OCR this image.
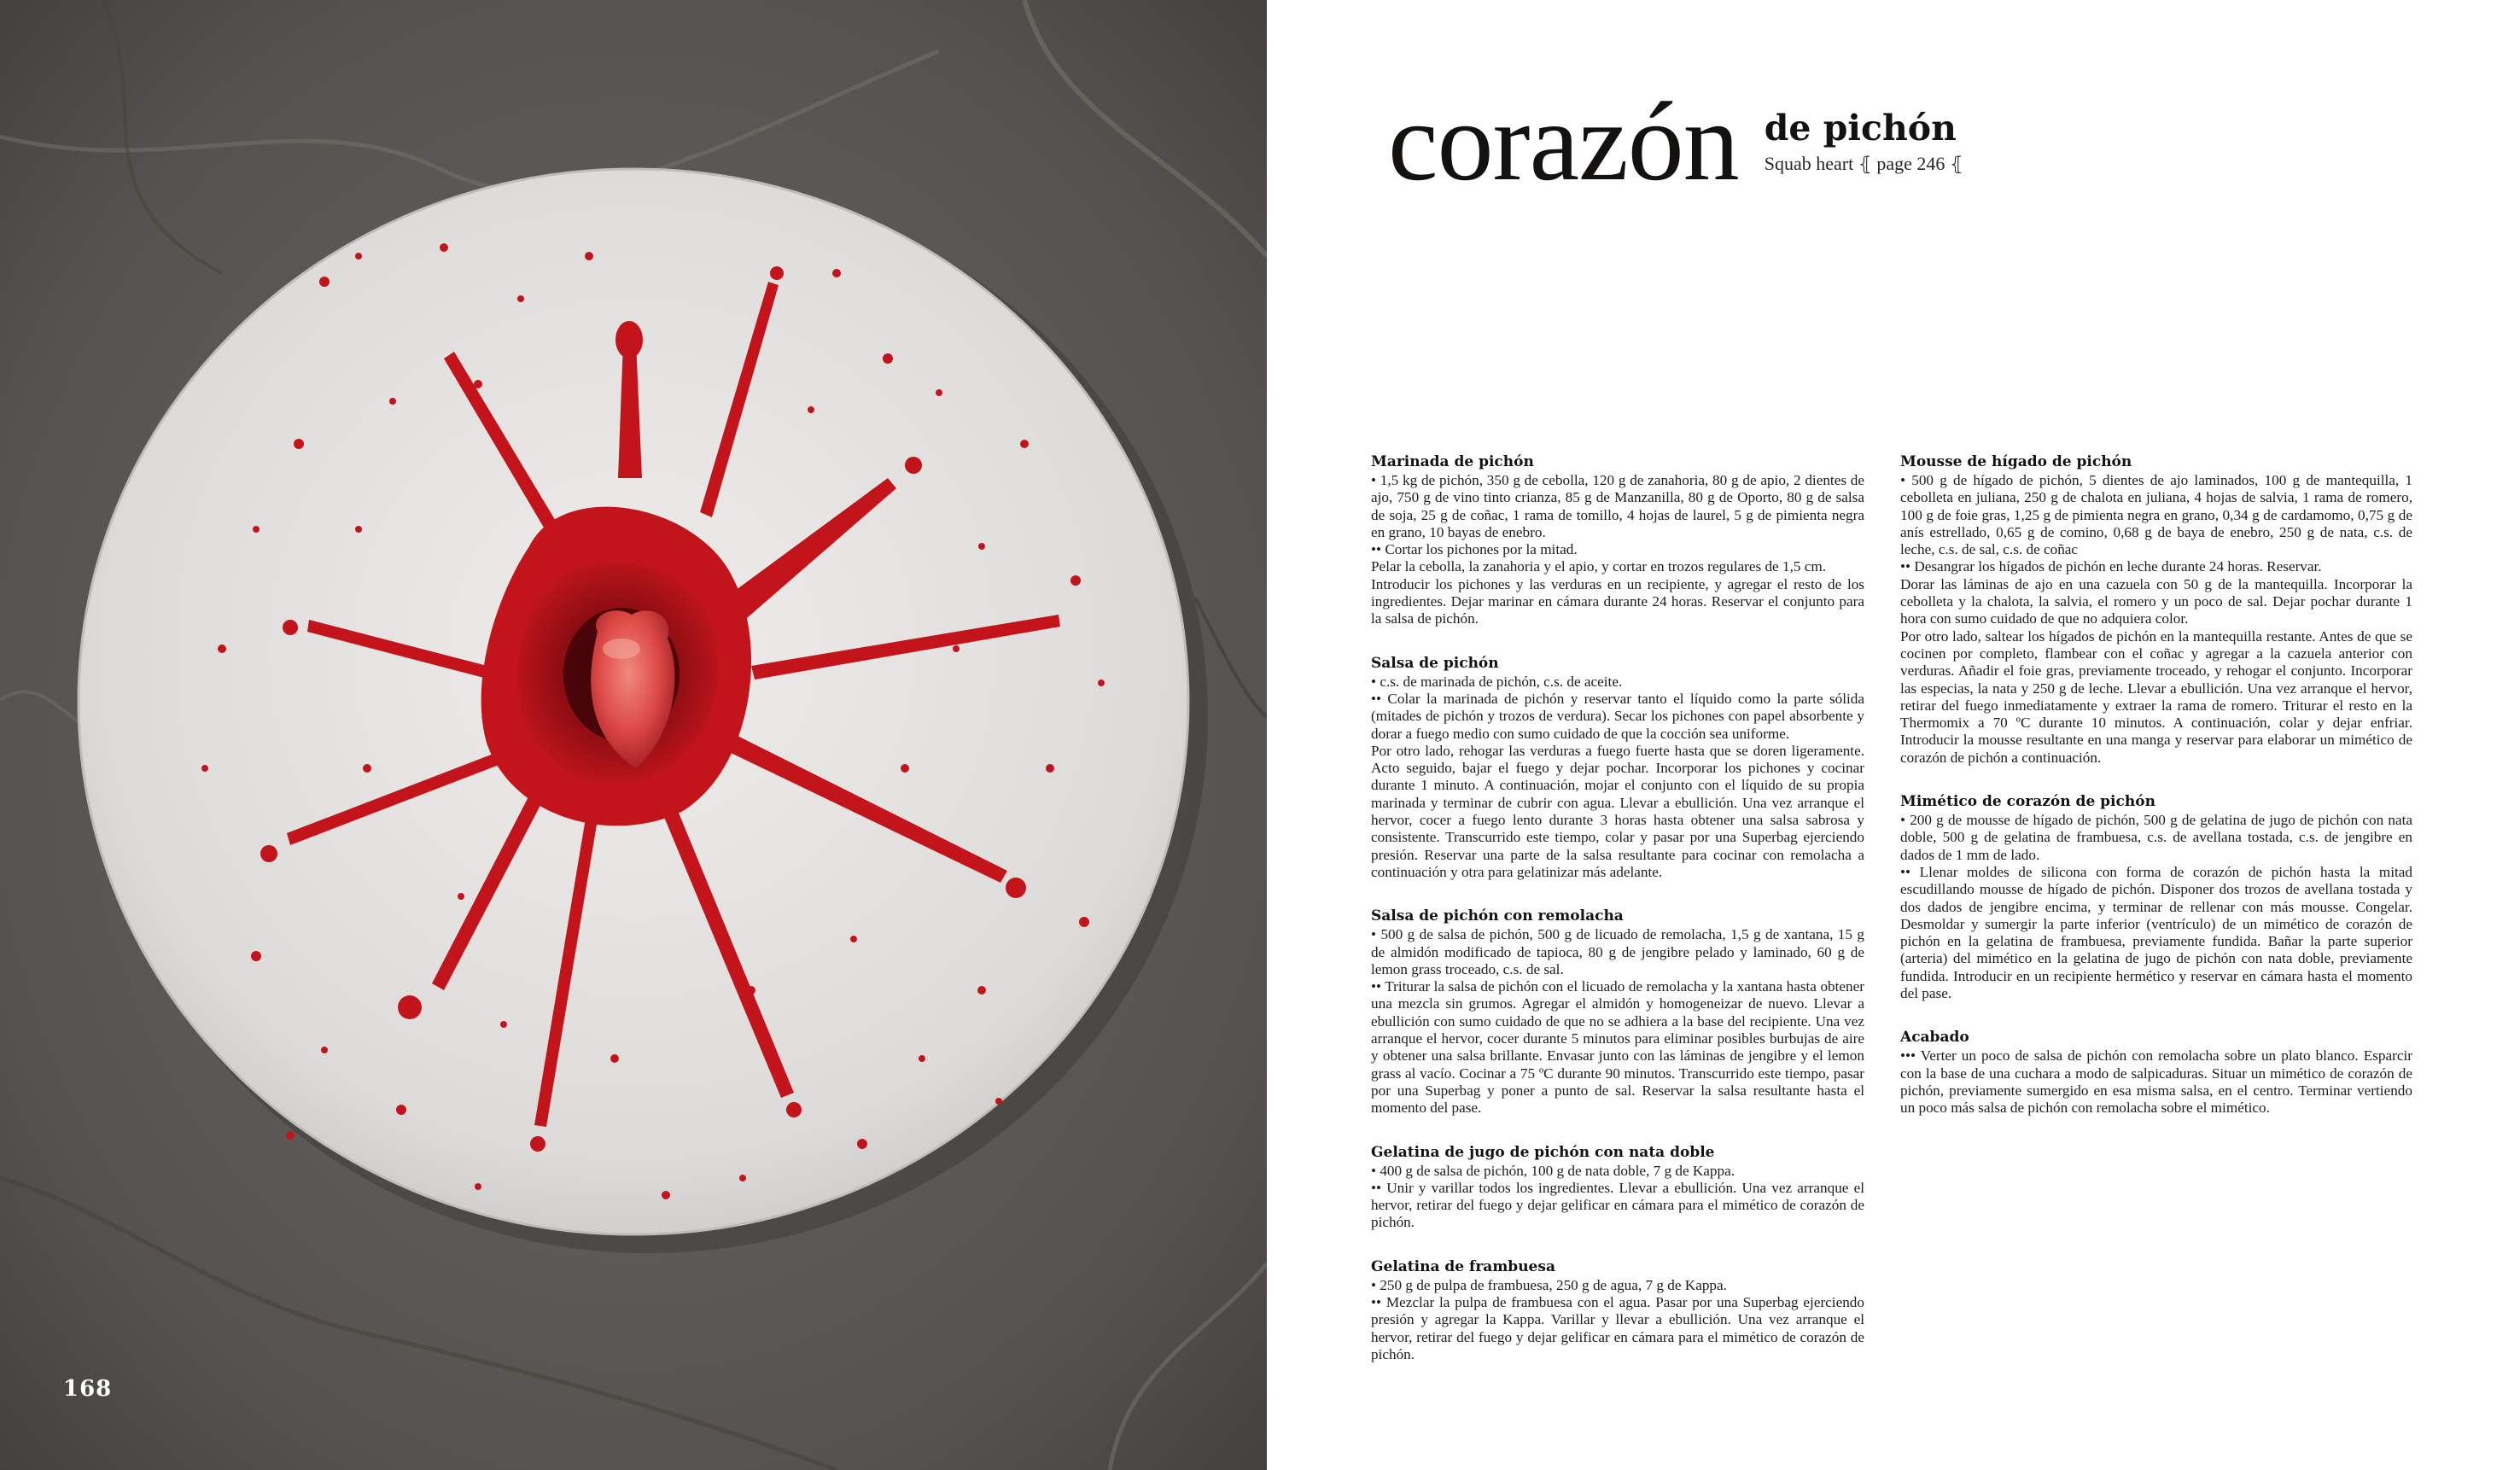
168
corazón de pichón
Squab heart ⦃ page 246 ⦃
Marinada de pichón

• 1,5 kg de pichón, 350 g de cebolla, 120 g de zanahoria, 80 g de apio, 2 dientes de ajo, 750 g de vino tinto crianza, 85 g de Manzanilla, 80 g de Oporto, 80 g de salsa de soja, 25 g de coñac, 1 rama de tomillo, 4 hojas de laurel, 5 g de pimienta negra en grano, 10 bayas de enebro.

•• Cortar los pichones por la mitad.

Pelar la cebolla, la zanahoria y el apio, y cortar en trozos regulares de 1,5 cm.

Introducir los pichones y las verduras en un recipiente, y agregar el resto de los ingredientes. Dejar marinar en cámara durante 24 horas. Reservar el conjunto para la salsa de pichón.

Salsa de pichón

• c.s. de marinada de pichón, c.s. de aceite.

•• Colar la marinada de pichón y reservar tanto el líquido como la parte sólida (mitades de pichón y trozos de verdura). Secar los pichones con papel absorbente y dorar a fuego medio con sumo cuidado de que la cocción sea uniforme.

Por otro lado, rehogar las verduras a fuego fuerte hasta que se doren ligeramente. Acto seguido, bajar el fuego y dejar pochar. Incorporar los pichones y cocinar durante 1 minuto. A continuación, mojar el conjunto con el líquido de su propia marinada y terminar de cubrir con agua. Llevar a ebullición. Una vez arranque el hervor, cocer a fuego lento durante 3 horas hasta obtener una salsa sabrosa y consistente. Transcurrido este tiempo, colar y pasar por una Superbag ejerciendo presión. Reservar una parte de la salsa resultante para cocinar con remolacha a continuación y otra para gelatinizar más adelante.

Salsa de pichón con remolacha

• 500 g de salsa de pichón, 500 g de licuado de remolacha, 1,5 g de xantana, 15 g de almidón modificado de tapioca, 80 g de jengibre pelado y laminado, 60 g de lemon grass troceado, c.s. de sal.

•• Triturar la salsa de pichón con el licuado de remolacha y la xantana hasta obtener una mezcla sin grumos. Agregar el almidón y homogeneizar de nuevo. Llevar a ebullición con sumo cuidado de que no se adhiera a la base del recipiente. Una vez arranque el hervor, cocer durante 5 minutos para eliminar posibles burbujas de aire y obtener una salsa brillante. Envasar junto con las láminas de jengibre y el lemon grass al vacío. Cocinar a 75 ºC durante 90 minutos. Transcurrido este tiempo, pasar por una Superbag y poner a punto de sal. Reservar la salsa resultante hasta el momento del pase.

Gelatina de jugo de pichón con nata doble

• 400 g de salsa de pichón, 100 g de nata doble, 7 g de Kappa.

•• Unir y varillar todos los ingredientes. Llevar a ebullición. Una vez arranque el hervor, retirar del fuego y dejar gelificar en cámara para el mimético de corazón de pichón.

Gelatina de frambuesa

• 250 g de pulpa de frambuesa, 250 g de agua, 7 g de Kappa.

•• Mezclar la pulpa de frambuesa con el agua. Pasar por una Superbag ejerciendo presión y agregar la Kappa. Varillar y llevar a ebullición. Una vez arranque el hervor, retirar del fuego y dejar gelificar en cámara para el mimético de corazón de pichón.

Mousse de hígado de pichón

• 500 g de hígado de pichón, 5 dientes de ajo laminados, 100 g de mantequilla, 1 cebolleta en juliana, 250 g de chalota en juliana, 4 hojas de salvia, 1 rama de romero, 100 g de foie gras, 1,25 g de pimienta negra en grano, 0,34 g de cardamomo, 0,75 g de anís estrellado, 0,65 g de comino, 0,68 g de baya de enebro, 250 g de nata, c.s. de leche, c.s. de sal, c.s. de coñac

•• Desangrar los hígados de pichón en leche durante 24 horas. Reservar.

Dorar las láminas de ajo en una cazuela con 50 g de la mantequilla. Incorporar la cebolleta y la chalota, la salvia, el romero y un poco de sal. Dejar pochar durante 1 hora con sumo cuidado de que no adquiera color.

Por otro lado, saltear los hígados de pichón en la mantequilla restante. Antes de que se cocinen por completo, flambear con el coñac y agregar a la cazuela anterior con verduras. Añadir el foie gras, previamente troceado, y rehogar el conjunto. Incorporar las especias, la nata y 250 g de leche. Llevar a ebullición. Una vez arranque el hervor, retirar del fuego inmediatamente y extraer la rama de romero. Triturar el resto en la Thermomix a 70 ºC durante 10 minutos. A continuación, colar y dejar enfriar. Introducir la mousse resultante en una manga y reservar para elaborar un mimético de corazón de pichón a continuación.

Mimético de corazón de pichón

• 200 g de mousse de hígado de pichón, 500 g de gelatina de jugo de pichón con nata doble, 500 g de gelatina de frambuesa, c.s. de avellana tostada, c.s. de jengibre en dados de 1 mm de lado.

•• Llenar moldes de silicona con forma de corazón de pichón hasta la mitad escudillando mousse de hígado de pichón. Disponer dos trozos de avellana tostada y dos dados de jengibre encima, y terminar de rellenar con más mousse. Congelar. Desmoldar y sumergir la parte inferior (ventrículo) de un mimético de corazón de pichón en la gelatina de frambuesa, previamente fundida. Bañar la parte superior (arteria) del mimético en la gelatina de jugo de pichón con nata doble, previamente fundida. Introducir en un recipiente hermético y reservar en cámara hasta el momento del pase.

Acabado

••• Verter un poco de salsa de pichón con remolacha sobre un plato blanco. Esparcir con la base de una cuchara a modo de salpicaduras. Situar un mimético de corazón de pichón, previamente sumergido en esa misma salsa, en el centro. Terminar vertiendo un poco más salsa de pichón con remolacha sobre el mimético.
